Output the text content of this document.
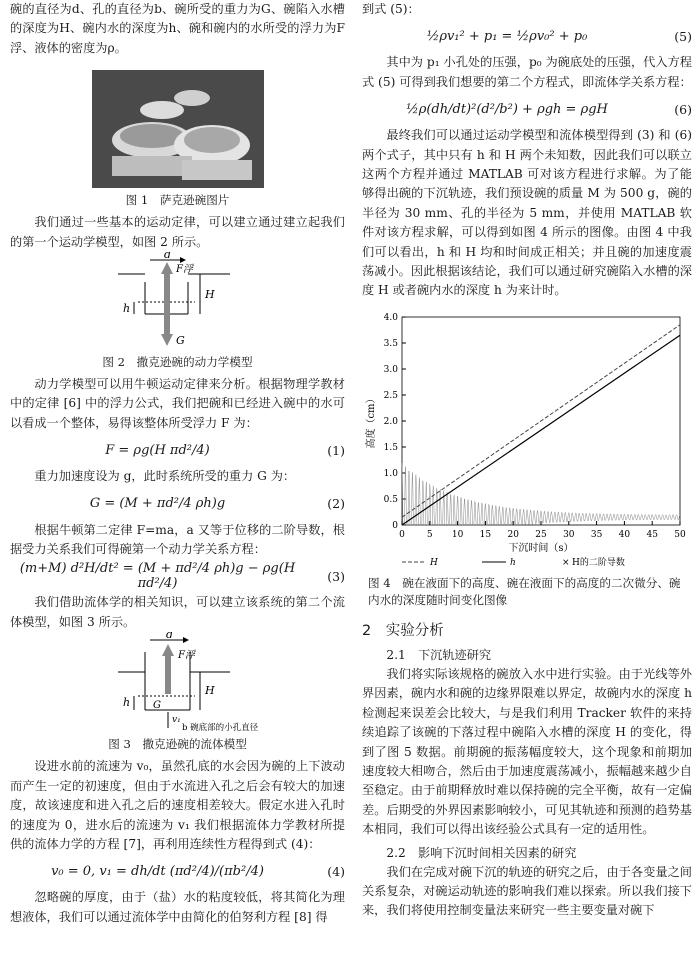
碗的直径为d、孔的直径为b、碗所受的重力为G、碗陷入水槽的深度为H、碗内水的深度为h、碗和碗内的水所受的浮力为F浮、液体的密度为ρ。

图 1　萨克逊碗图片

我们通过一些基本的运动定律，可以建立通过建立起我们的第一个运动学模型，如图 2 所示。

d
F浮
H
h
G
图 2　撒克逊碗的动力学模型

动力学模型可以用牛顿运动定律来分析。根据物理学教材中的定律 [6] 中的浮力公式，我们把碗和已经进入碗中的水可以看成一个整体，易得该整体所受浮力 F 为：

F = ρg(H πd²/4)	(1)

重力加速度设为 g，此时系统所受的重力 G 为：

G = (M + πd²/4 ρh)g	(2)

根据牛顿第二定律 F=ma，a 又等于位移的二阶导数，根据受力关系我们可得碗第一个动力学关系方程：

(m+M) d²H/dt² = (M + πd²/4 ρh)g − ρg(H πd²/4)	(3)

我们借助流体学的相关知识，可以建立该系统的第二个流体模型，如图 3 所示。

d
F浮
H
h G
v₁
b 碗底部的小孔直径
图 3　撒克逊碗的流体模型

设进水前的流速为 v₀，虽然孔底的水会因为碗的上下波动而产生一定的初速度，但由于水流进入孔之后会有较大的加速度，故该速度和进入孔之后的速度相差较大。假定水进入孔时的速度为 0，进水后的流速为 v₁ 我们根据流体力学教材所提供的流体力学的方程 [7]，再利用连续性方程得到式 (4)：

v₀ = 0, v₁ = dh/dt (πd²/4)/(πb²/4)	(4)

忽略碗的厚度，由于（盐）水的粘度较低，将其简化为理想液体，我们可以通过流体学中由简化的伯努利方程 [8] 得

到式 (5)：

½ρv₁² + p₁ = ½ρv₀² + p₀	(5)

其中为 p₁ 小孔处的压强，p₀ 为碗底处的压强，代入方程式 (5) 可得到我们想要的第二个方程式，即流体学关系方程：

½ρ(dh/dt)²(d²/b²) + ρgh = ρgH	(6)

最终我们可以通过运动学模型和流体模型得到 (3) 和 (6) 两个式子，其中只有 h 和 H 两个未知数，因此我们可以联立这两个方程并通过 MATLAB 可对该方程进行求解。为了能够得出碗的下沉轨迹，我们预设碗的质量 M 为 500 g，碗的半径为 30 mm、孔的半径为 5 mm，并使用 MATLAB 软件对该方程求解，可以得到如图 4 所示的图像。由图 4 中我们可以看出，h 和 H 均和时间成正相关；并且碗的加速度震荡减小。因此根据该结论，我们可以通过研究碗陷入水槽的深度 H 或者碗内水的深度 h 为来计时。

0 5 10 15 20 25 30 35 40 45 50
0
0.5
1.0
1.5
2.0
2.5
3.0
3.5
4.0
下沉时间（s）
高度（cm）
H	h	× H的二阶导数
图 4　碗在液面下的高度、碗在液面下的高度的二次微分、碗内水的深度随时间变化图像
2　实验分析
2.1　下沉轨迹研究

我们将实际该规格的碗放入水中进行实验。由于光线等外界因素，碗内水和碗的边缘界限难以界定，故碗内水的深度 h 检测起来误差会比较大，与是我们利用 Tracker 软件的来持续追踪了该碗的下落过程中碗陷入水槽的深度 H 的变化，得到了图 5 数据。前期碗的振荡幅度较大，这个现象和前期加速度较大相吻合，然后由于加速度震荡减小，振幅越来越少自至稳定。由于前期释放时难以保持碗的完全平衡，故有一定偏差。后期受的外界因素影响较小，可见其轨迹和预测的趋势基本相同，我们可以得出该经验公式具有一定的适用性。

2.2　影响下沉时间相关因素的研究

我们在完成对碗下沉的轨迹的研究之后，由于各变量之间关系复杂，对碗运动轨迹的影响我们难以探索。所以我们接下来，我们将使用控制变量法来研究一些主要变量对碗下
